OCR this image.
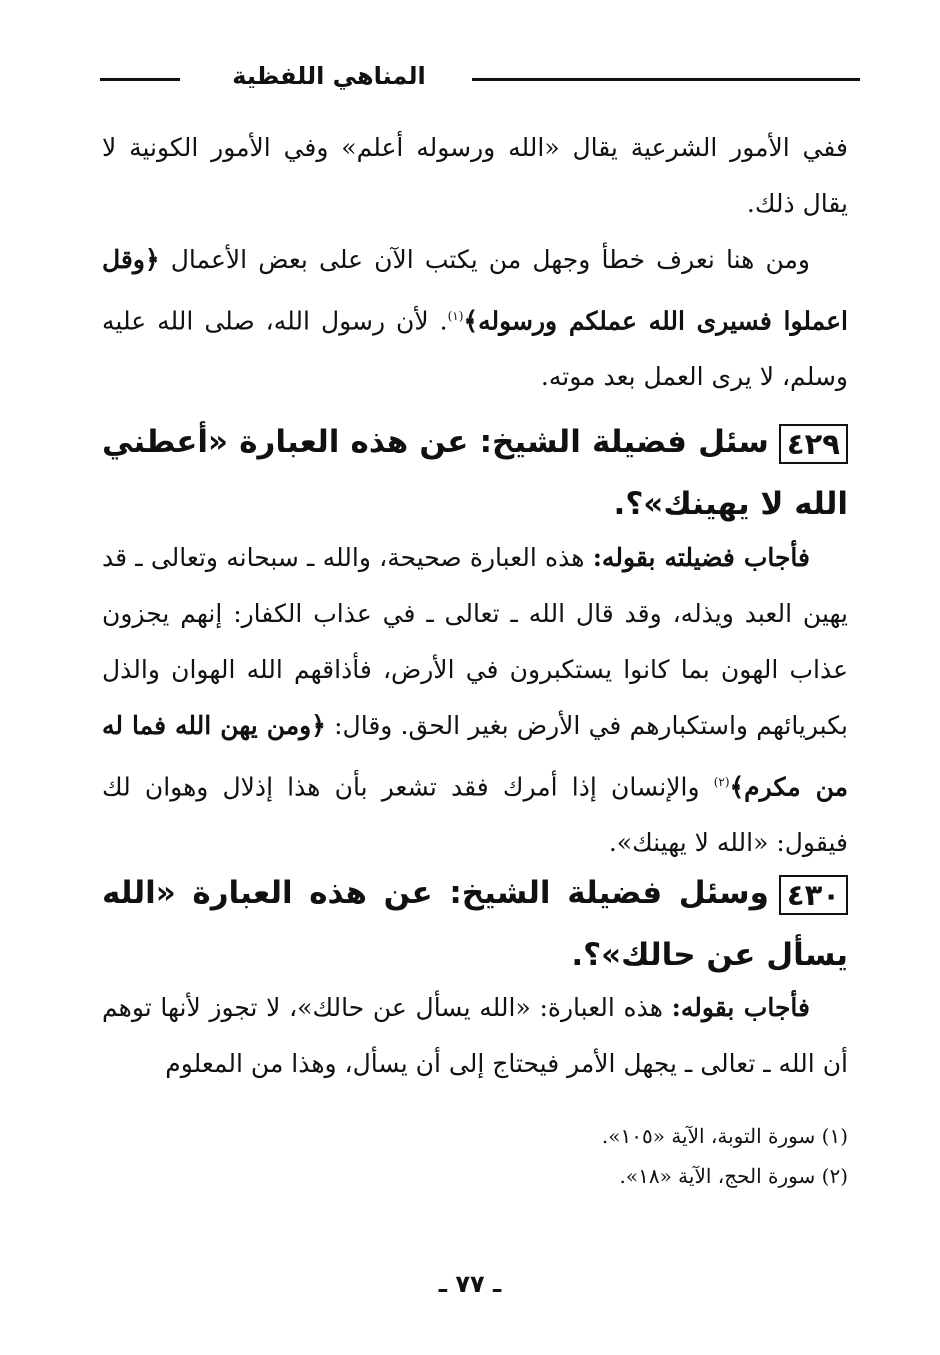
المناهي اللفظية

ففي الأمور الشرعية يقال «الله ورسوله أعلم» وفي الأمور الكونية لا يقال ذلك.

ومن هنا نعرف خطأ وجهل من يكتب الآن على بعض الأعمال ﴿وقل اعملوا فسيرى الله عملكم ورسوله﴾$^{(١)}$. لأن رسول الله، صلى الله عليه وسلم، لا يرى العمل بعد موته.

٤٢٩سئل فضيلة الشيخ: عن هذه العبارة «أعطني الله لا يهينك»؟.

فأجاب فضيلته بقوله: هذه العبارة صحيحة، والله ـ سبحانه وتعالى ـ قد يهين العبد ويذله، وقد قال الله ـ تعالى ـ في عذاب الكفار: إنهم يجزون عذاب الهون بما كانوا يستكبرون في الأرض، فأذاقهم الله الهوان والذل بكبريائهم واستكبارهم في الأرض بغير الحق. وقال: ﴿ومن يهن الله فما له من مكرم﴾$^{(٢)}$ والإنسان إذا أمرك فقد تشعر بأن هذا إذلال وهوان لك فيقول: «الله لا يهينك».

٤٣٠وسئل فضيلة الشيخ: عن هذه العبارة «الله يسأل عن حالك»؟.

فأجاب بقوله: هذه العبارة: «الله يسأل عن حالك»، لا تجوز لأنها توهم أن الله ـ تعالى ـ يجهل الأمر فيحتاج إلى أن يسأل، وهذا من المعلوم

(١) سورة التوبة، الآية «١٠٥».

(٢) سورة الحج، الآية «١٨».

ـ ٧٧ ـ
